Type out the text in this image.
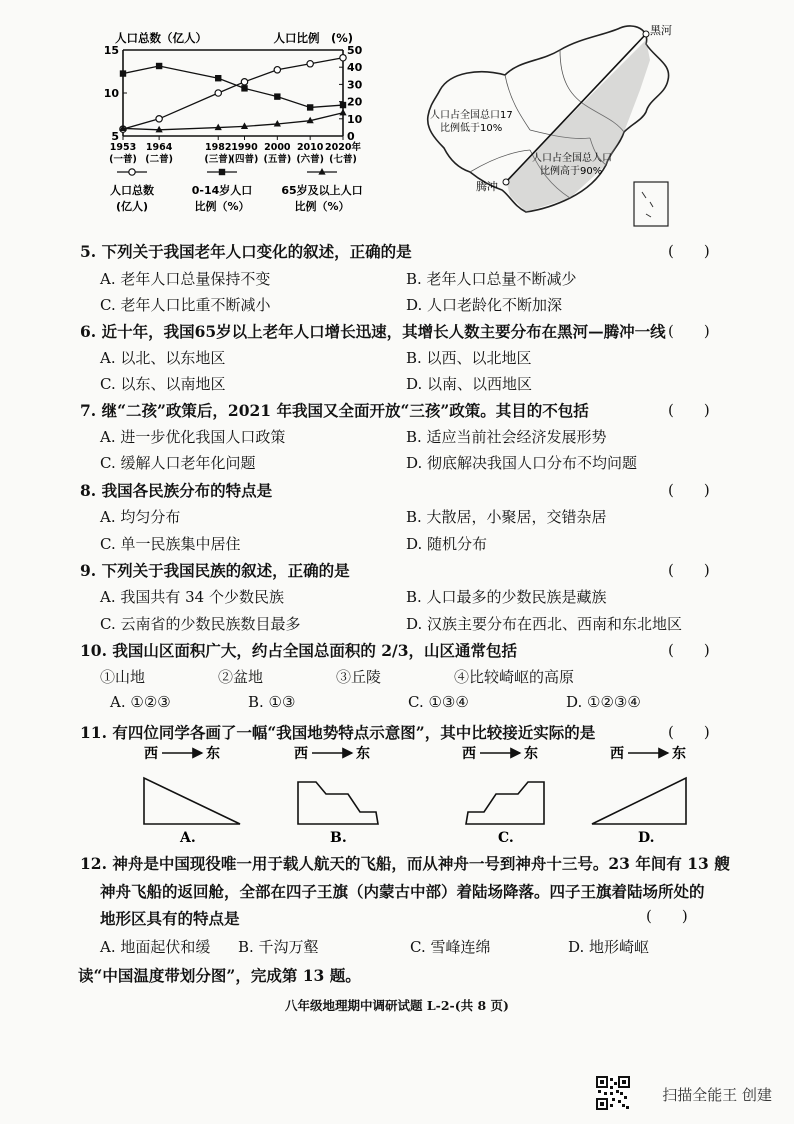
人口总数（亿人）	人口比例　(%)
15
10
5
50
40
30
20
10
0
1953
(一普)
1964
(二普)
1982
(三普)
1990
(四普)
2000
(五普)
2010
(六普)
2020年
(七普)
人口总数
(亿人)
0-14岁人口
比例（%）
65岁及以上人口
比例（%）
黑河
腾冲
人口占全国总口17
比例低于10%
人口占全国总人口
比例高于90%
5. 下列关于我国老年人口变化的叙述，正确的是	(　　)
A. 老年人口总量保持不变	B. 老年人口总量不断减少
C. 老年人口比重不断减小	D. 人口老龄化不断加深
6. 近十年，我国65岁以上老年人口增长迅速，其增长人数主要分布在黑河—腾冲一线 (　　)
A. 以北、以东地区	B. 以西、以北地区
C. 以东、以南地区	D. 以南、以西地区
7. 继“二孩”政策后，2021 年我国又全面开放“三孩”政策。其目的不包括	(　　)
A. 进一步优化我国人口政策	B. 适应当前社会经济发展形势
C. 缓解人口老年化问题	D. 彻底解决我国人口分布不均问题
8. 我国各民族分布的特点是	(　　)
A. 均匀分布	B. 大散居，小聚居，交错杂居
C. 单一民族集中居住	D. 随机分布
9. 下列关于我国民族的叙述，正确的是	(　　)
A. 我国共有 34 个少数民族	B. 人口最多的少数民族是藏族
C. 云南省的少数民族数目最多	D. 汉族主要分布在西北、西南和东北地区
10. 我国山区面积广大，约占全国总面积的 2/3，山区通常包括	(　　)
①山地	②盆地	③丘陵	④比较崎岖的高原
A. ①②③	B. ①③	C. ①③④	D. ①②③④
11. 有四位同学各画了一幅“我国地势特点示意图”，其中比较接近实际的是	(　　)
西	东
A.
西	东
B.
西	东
C.
西	东
D.
12. 神舟是中国现役唯一用于载人航天的飞船，而从神舟一号到神舟十三号。23 年间有 13 艘
神舟飞船的返回舱，全部在四子王旗（内蒙古中部）着陆场降落。四子王旗着陆场所处的
地形区具有的特点是	(　　)
A. 地面起伏和缓 B. 千沟万壑	C. 雪峰连绵	D. 地形崎岖
读“中国温度带划分图”，完成第 13 题。
八年级地理期中调研试题 L-2-(共 8 页)
扫描全能王 创建
